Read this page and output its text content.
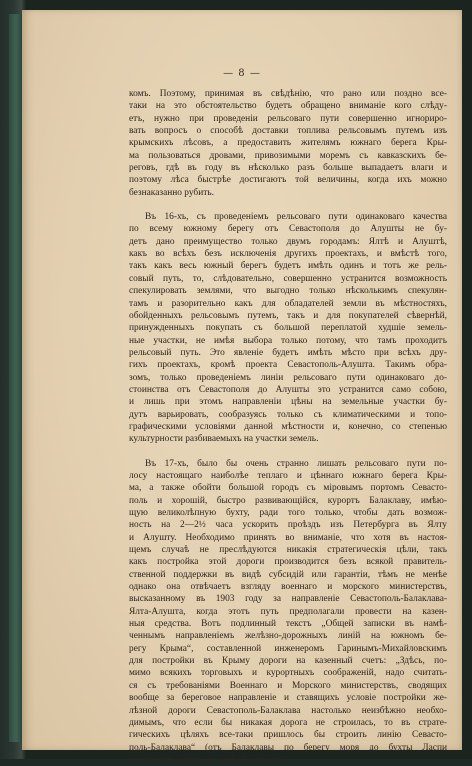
— 8 —

комъ. Поэтому, принимая въ свѣдѣнію, что рано или поздно все-
таки на это обстоятельство будетъ обращено вниманіе кого слѣду-
етъ, нужно при проведеніи рельсоваго пути совершенно игнориро-
вать вопросъ о способѣ доставки топлива рельсовымъ путемъ изъ
крымскихъ лѣсовъ, а предоставить жителямъ южнаго берега Кры-
ма пользоваться дровами, привозимыми моремъ съ кавказскихъ бе-
реговъ, гдѣ въ году въ нѣсколько разъ больше выпадаетъ влаги и
поэтому лѣса быстрѣе достигаютъ той величины, когда ихъ можно
безнаказанно рубить.

Въ 16-хъ, съ проведеніемъ рельсоваго пути одинаковаго качества
по всему южному берегу отъ Севастополя до Алушты не бу-
детъ дано преимущество только двумъ городамъ: Ялтѣ и Алуштѣ,
какъ во всѣхъ безъ исключенія другихъ проектахъ, и вмѣстѣ того,
такъ какъ весь южный берегъ будетъ имѣть одинъ и тотъ же рель-
совый путь, то, слѣдовательно, совершенно устранится возможность
спекулировать землями, что выгодно только нѣсколькимъ спекулян-
тамъ и разорительно какъ для обладателей земли въ мѣстностяхъ,
обойденныхъ рельсовымъ путемъ, такъ и для покупателей сѣвернѣй,
принужденныхъ покупать съ большой переплатой худшіе земель-
ные участки, не имѣя выбора только потому, что тамъ проходитъ
рельсовый путь. Это явленіе будетъ имѣть мѣсто при всѣхъ дру-
гихъ проектахъ, кромѣ проекта Севастополь-Алушта. Такимъ обра-
зомъ, только проведеніемъ линіи рельсоваго пути одинаковаго до-
стоинства отъ Севастополя до Алушты это устранится само собою,
и лишь при этомъ направленіи цѣны на земельные участки бу-
дутъ варьировать, сообразуясь только съ климатическими и топо-
графическими условіями данной мѣстности и, конечно, со степенью
культурности разбиваемыхъ на участки земель.

Въ 17-хъ, было бы очень странно лишать рельсоваго пути по-
лосу настоящаго наиболѣе теплаго и цѣннаго южнаго берега Кры-
ма, а также обойти большой городъ съ міровымъ портомъ Севасто-
поль и хорошій, быстро развивающійся, курортъ Балаклаву, имѣю-
щую великолѣпную бухту, ради того только, чтобы дать возмож-
ность на 2—2½ часа ускорить проѣздъ изъ Петербурга въ Ялту
и Алушту. Необходимо принять во вниманіе, что хотя въ настоя-
щемъ случаѣ не преслѣдуются никакія стратегическія цѣли, такъ
какъ постройка этой дороги производится безъ всякой правитель-
ственной поддержки въ видѣ субсидій или гарантіи, тѣмъ не менѣе
однако она отвѣчаетъ взгляду военнаго и морского министерствъ,
высказанному въ 1903 году за направленіе Севастополь-Балаклава-
Ялта-Алушта, когда этотъ путь предполагали провести на казен-
ныя средства. Вотъ подлинный текстъ „Общей записки въ намѣ-
ченнымъ направленіемъ желѣзно-дорожныхъ линій на южномъ бе-
регу Крыма“, составленной инженеромъ Гаринымъ-Михайловскимъ
для постройки въ Крыму дороги на казенный счетъ: „Здѣсь, по-
мимо всякихъ торговыхъ и курортныхъ соображеній, надо считать-
ся съ требованіями Военнаго и Морского министерствъ, сводящих
вообще за береговое направленіе и ставящихъ условіе постройки же-
лѣзной дороги Севастополь-Балаклава настолько неизбѣжно необхо-
димымъ, что если бы никакая дорога не строилась, то въ страте-
гическихъ цѣляхъ все-таки пришлось бы строить линію Севасто-
поль-Балаклава“ (отъ Балаклавы по берегу моря до бухты Ласпи
на южномъ берегу не болѣе 12 верстъ).
